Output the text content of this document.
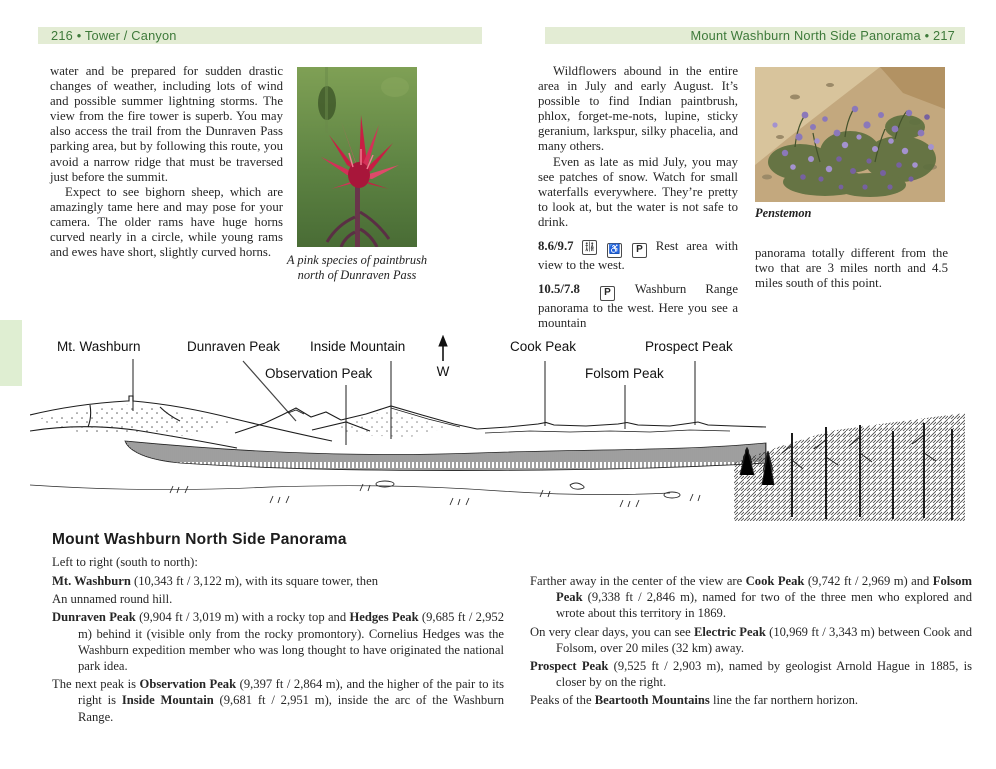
216 • Tower / Canyon	Mount Washburn North Side Panorama • 217

water and be prepared for sudden drastic changes of weather, including lots of wind and possible summer lightning storms. The view from the fire tower is superb. You may also access the trail from the Dunraven Pass parking area, but by following this route, you avoid a narrow ridge that must be traversed just before the summit.

Expect to see bighorn sheep, which are amazingly tame here and may pose for your camera. The older rams have huge horns curved nearly in a circle, while young rams and ewes have short, slightly curved horns.

A pink species of paintbrush north of Dunraven Pass

Wildflowers abound in the entire area in July and early August. It’s possible to find Indian paintbrush, phlox, forget-me-nots, lupine, sticky geranium, larkspur, silky phacelia, and many others.

Even as late as mid July, you may see patches of snow. Watch for small waterfalls everywhere. They’re pretty to look at, but the water is not safe to drink.

8.6/9.7	♿ P Rest area with view to the west.

10.5/7.8 P Washburn Range panorama to the west. Here you see a mountain

Penstemon

panorama totally different from the two that are 3 miles north and 4.5 miles south of this point.

Mt. Washburn	Dunraven Peak Inside Mountain
Observation Peak
Cook Peak
Folsom Peak
Prospect Peak
W
Mount Washburn North Side Panorama
Left to right (south to north):

Mt. Washburn (10,343 ft / 3,122 m), with its square tower, then

An unnamed round hill.

Dunraven Peak (9,904 ft / 3,019 m) with a rocky top and Hedges Peak (9,685 ft / 2,952 m) behind it (visible only from the rocky promontory). Cornelius Hedges was the Washburn expedition member who was long thought to have originated the national park idea.

The next peak is Observation Peak (9,397 ft / 2,864 m), and the higher of the pair to its right is Inside Mountain (9,681 ft / 2,951 m), inside the arc of the Washburn Range.

Farther away in the center of the view are Cook Peak (9,742 ft / 2,969 m) and Folsom Peak (9,338 ft / 2,846 m), named for two of the three men who explored and wrote about this territory in 1869.

On very clear days, you can see Electric Peak (10,969 ft / 3,343 m) between Cook and Folsom, over 20 miles (32 km) away.

Prospect Peak (9,525 ft / 2,903 m), named by geologist Arnold Hague in 1885, is closer by on the right.

Peaks of the Beartooth Mountains line the far northern horizon.
